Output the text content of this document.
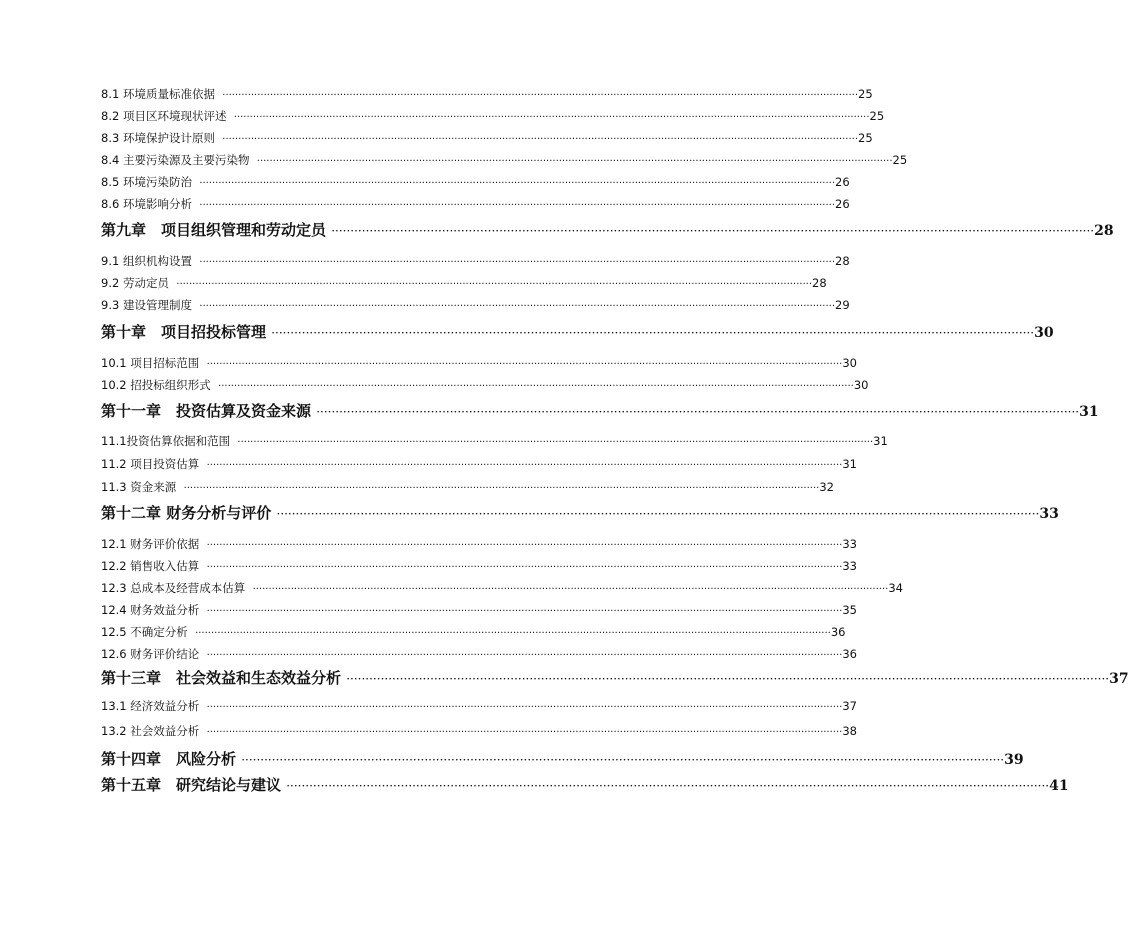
8.1 环境质量标准依据 ········································································································································································································ 25
8.2 项目区环境现状评述 ········································································································································································································ 25
8.3 环境保护设计原则 ········································································································································································································ 25
8.4 主要污染源及主要污染物 ········································································································································································································ 25
8.5 环境污染防治 ········································································································································································································ 26
8.6 环境影响分析 ········································································································································································································ 26
第九章　项目组织管理和劳动定员 ········································································································································································································ 28
9.1 组织机构设置 ········································································································································································································ 28
9.2 劳动定员 ········································································································································································································ 28
9.3 建设管理制度 ········································································································································································································ 29
第十章　项目招投标管理 ········································································································································································································ 30
10.1 项目招标范围 ········································································································································································································ 30
10.2 招投标组织形式 ········································································································································································································ 30
第十一章　投资估算及资金来源 ········································································································································································································ 31
11.1投资估算依据和范围 ········································································································································································································ 31
11.2 项目投资估算 ········································································································································································································ 31
11.3 资金来源 ········································································································································································································ 32
第十二章 财务分析与评价 ········································································································································································································ 33
12.1 财务评价依据 ········································································································································································································ 33
12.2 销售收入估算 ········································································································································································································ 33
12.3 总成本及经营成本估算 ········································································································································································································ 34
12.4 财务效益分析 ········································································································································································································ 35
12.5 不确定分析 ········································································································································································································ 36
12.6 财务评价结论 ········································································································································································································ 36
第十三章　社会效益和生态效益分析 ········································································································································································································ 37
13.1 经济效益分析 ········································································································································································································ 37
13.2 社会效益分析 ········································································································································································································ 38
第十四章　风险分析 ········································································································································································································ 39
第十五章　研究结论与建议 ········································································································································································································ 41
